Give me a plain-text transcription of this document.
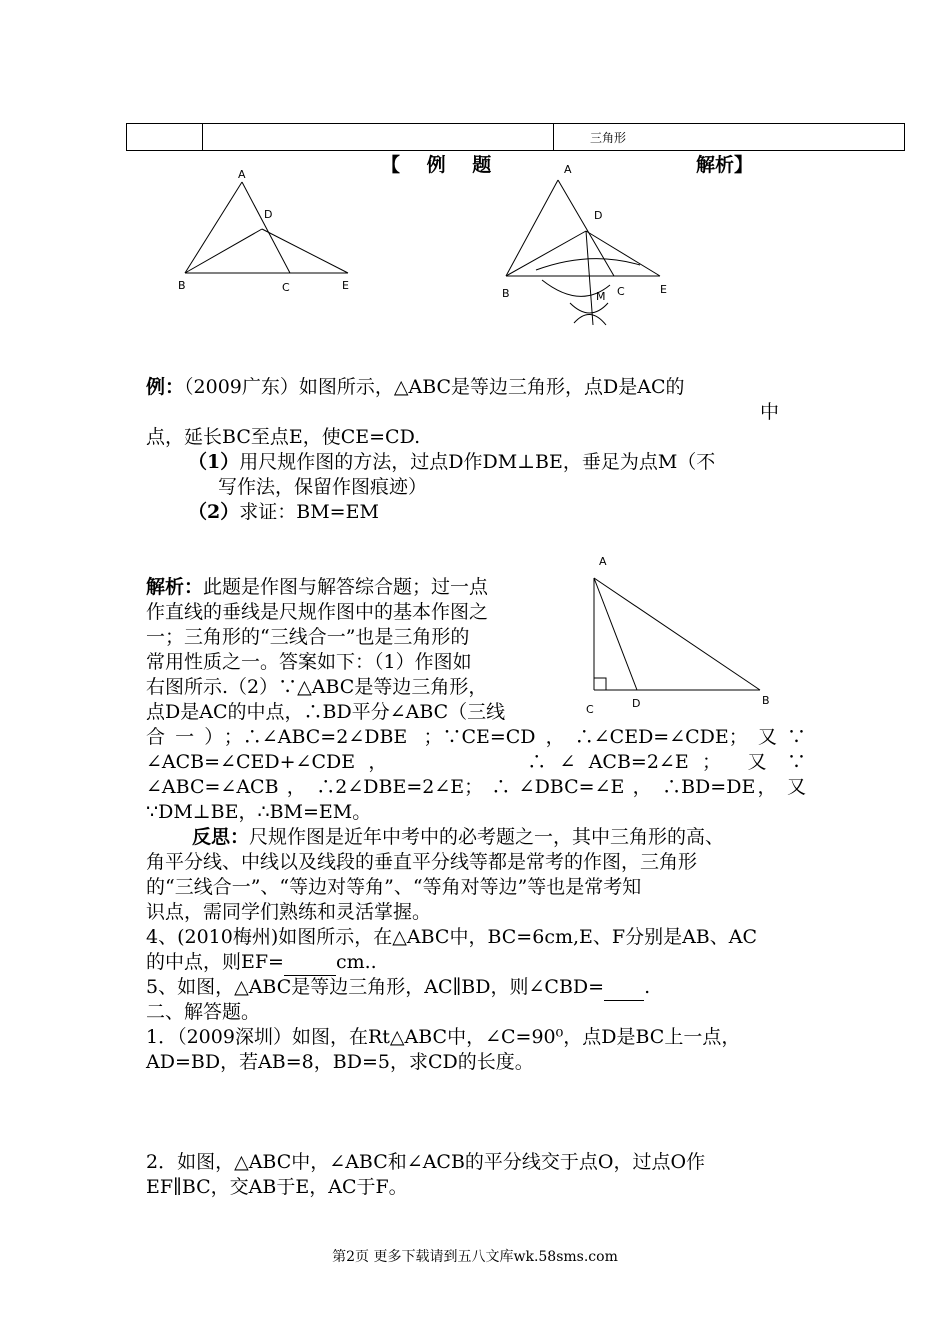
		三角形
【 例 题	解析】
A
D
B	C	E
A
D
B	M C	E
A
C	D	B
例：（2009广东）如图所示，△ABC是等边三角形，点D是AC的
中
点，延长BC至点E，使CE=CD.
（1）用尺规作图的方法，过点D作DM⊥BE，垂足为点M（不
写作法，保留作图痕迹）
（2）求证：BM=EM
解析：此题是作图与解答综合题；过一点
作直线的垂线是尺规作图中的基本作图之
一；三角形的“三线合一”也是三角形的
常用性质之一。答案如下：（1）作图如
右图所示.（2）∵△ABC是等边三角形，
点D是AC的中点，∴BD平分∠ABC（三线
合一）；∴∠ABC=2∠DBE ；∵CE=CD，∴∠CED=∠CDE；又∵
∠ACB=∠CED+∠CDE ，          ∴ ∠ ACB=2∠E ；  又 ∵
∠ABC=∠ACB ， ∴2∠DBE=2∠E； ∴ ∠DBC=∠E ， ∴BD=DE， 又
∵DM⊥BE，∴BM=EM。
反思：尺规作图是近年中考中的必考题之一，其中三角形的高、
角平分线、中线以及线段的垂直平分线等都是常考的作图，三角形
的“三线合一”、“等边对等角”、“等角对等边”等也是常考知
识点，需同学们熟练和灵活掌握。
4、(2010梅州)如图所示，在△ABC中，BC=6cm,E、F分别是AB、AC
的中点，则EF=	cm..
5、如图，△ABC是等边三角形，AC∥BD，则∠CBD= .
二、解答题。
1．（2009深圳）如图，在Rt△ABC中，∠C=90⁰，点D是BC上一点，
AD=BD，若AB=8，BD=5，求CD的长度。
2．如图，△ABC中，∠ABC和∠ACB的平分线交于点O，过点O作
EF∥BC，交AB于E，AC于F。
第2页 更多下载请到五八文库wk.58sms.com
